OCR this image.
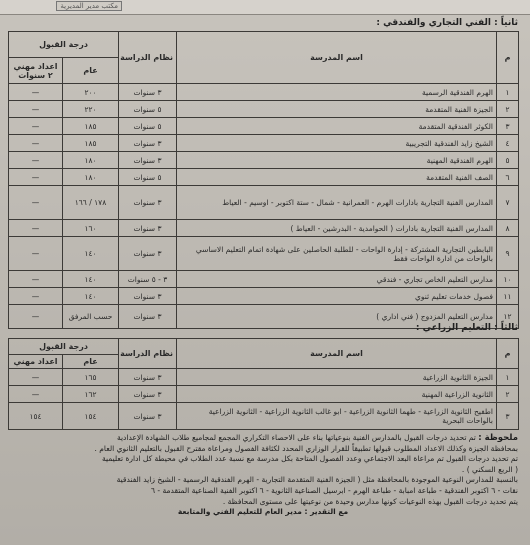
مكتب مدير المديرية
ثانياً : الفني التجاري والفندقي :
م	اسم المدرسة	نظام الدراسة	درجة القبول	
			عام	اعداد مهني ٢ سنوات
١	الهرم الفندقية الرسمية	٣ سنوات	٢٠٠	—
٢	الجيزة الفنية المتقدمة	٥ سنوات	٢٢٠	—
٣	الكوثر الفندقية المتقدمة	٥ سنوات	١٨٥	—
٤	الشيخ زايد الفندقية التجريبية	٣ سنوات	١٨٥	—
٥	الهرم الفندقية المهنية	٣ سنوات	١٨٠	—
٦	الصف الفنية المتقدمة	٥ سنوات	١٨٠	—
٧	المدارس الفنية التجارية بادارات الهرم - العمرانية - شمال - ستة اكتوبر - اوسيم - العياط	٣ سنوات	١٧٨ / ١٦٦	—
٨	المدارس الفنية التجارية بادارات ( الحوامدية - البدرشين - العياط )	٣ سنوات	١٦٠	—
٩	البابطين التجارية المشتركة - إدارة الواحات - للطلبة الحاصلين على شهادة اتمام التعليم الاساسي بالواحات من ادارة الواحات فقط	٣ سنوات	١٤٠	—
١٠	مدارس التعليم الخاص تجاري - فندقي	٣ - ٥ سنوات	١٤٠	—
١١	فصول خدمات تعليم ثنوي	٣ سنوات	١٤٠	—
١٢	مدارس التعليم المزدوج ( فني اداري )	٣ سنوات	حسب المرفق	—
ثالثاً : التعليم الزراعي :
م	اسم المدرسة	نظام الدراسة	درجة القبول	
			عام	اعداد مهني
١	الجيزة الثانوية الزراعية	٣ سنوات	١٦٥	—
٢	الثانوية الزراعية المهنية	٣ سنوات	١٦٢	—
٣	اطفيح الثانوية الزراعية - طهما الثانوية الزراعية - ابو غالب الثانوية الزراعية - الثانوية الزراعية بالواحات البحرية	٣ سنوات	١٥٤	١٥٤

ملحوظة : تم تحديد درجات القبول بالمدارس الفنية بنوعياتها بناء على الاحصاء التكراري المجمع لمجاميع طلاب الشهادة الإعدادية

بمحافظة الجيزة وكذلك الاعداد المطلوب قبولها تطبيقاً للقرار الوزاري المحدد لكثافة الفصول ومراعاة مقترح القبول بالتعليم الثانوي العام .

تم تحديد درجات القبول تم مراعاة البعد الاجتماعي وعدد الفصول المتاحة بكل مدرسة مع نسبة عدد الطلاب في محيطة كل ادارة تعليمية

( الربع السكني ) .

بالنسبة للمدارس النوعية الموجودة بالمحافظة مثل ( الجيزة الفنية المتقدمة التجارية - الهرم الفندقية الرسمية - الشيخ زايد الفندقية

نقات - ٦ اكتوبر الفندقية - طباعة امبابة - طباعة الهرم - ابرسيل الصناعية الثانوية - ٦ اكتوبر الفنية الصناعية المتقدمة - ٦

يتم تحديد درجات القبول بهذه النوعيات كونها مدارس وحيدة من نوعيتها على مستوى المحافظة .

مع التقدير : مدير العام للتعليم الفني والمتابعة
